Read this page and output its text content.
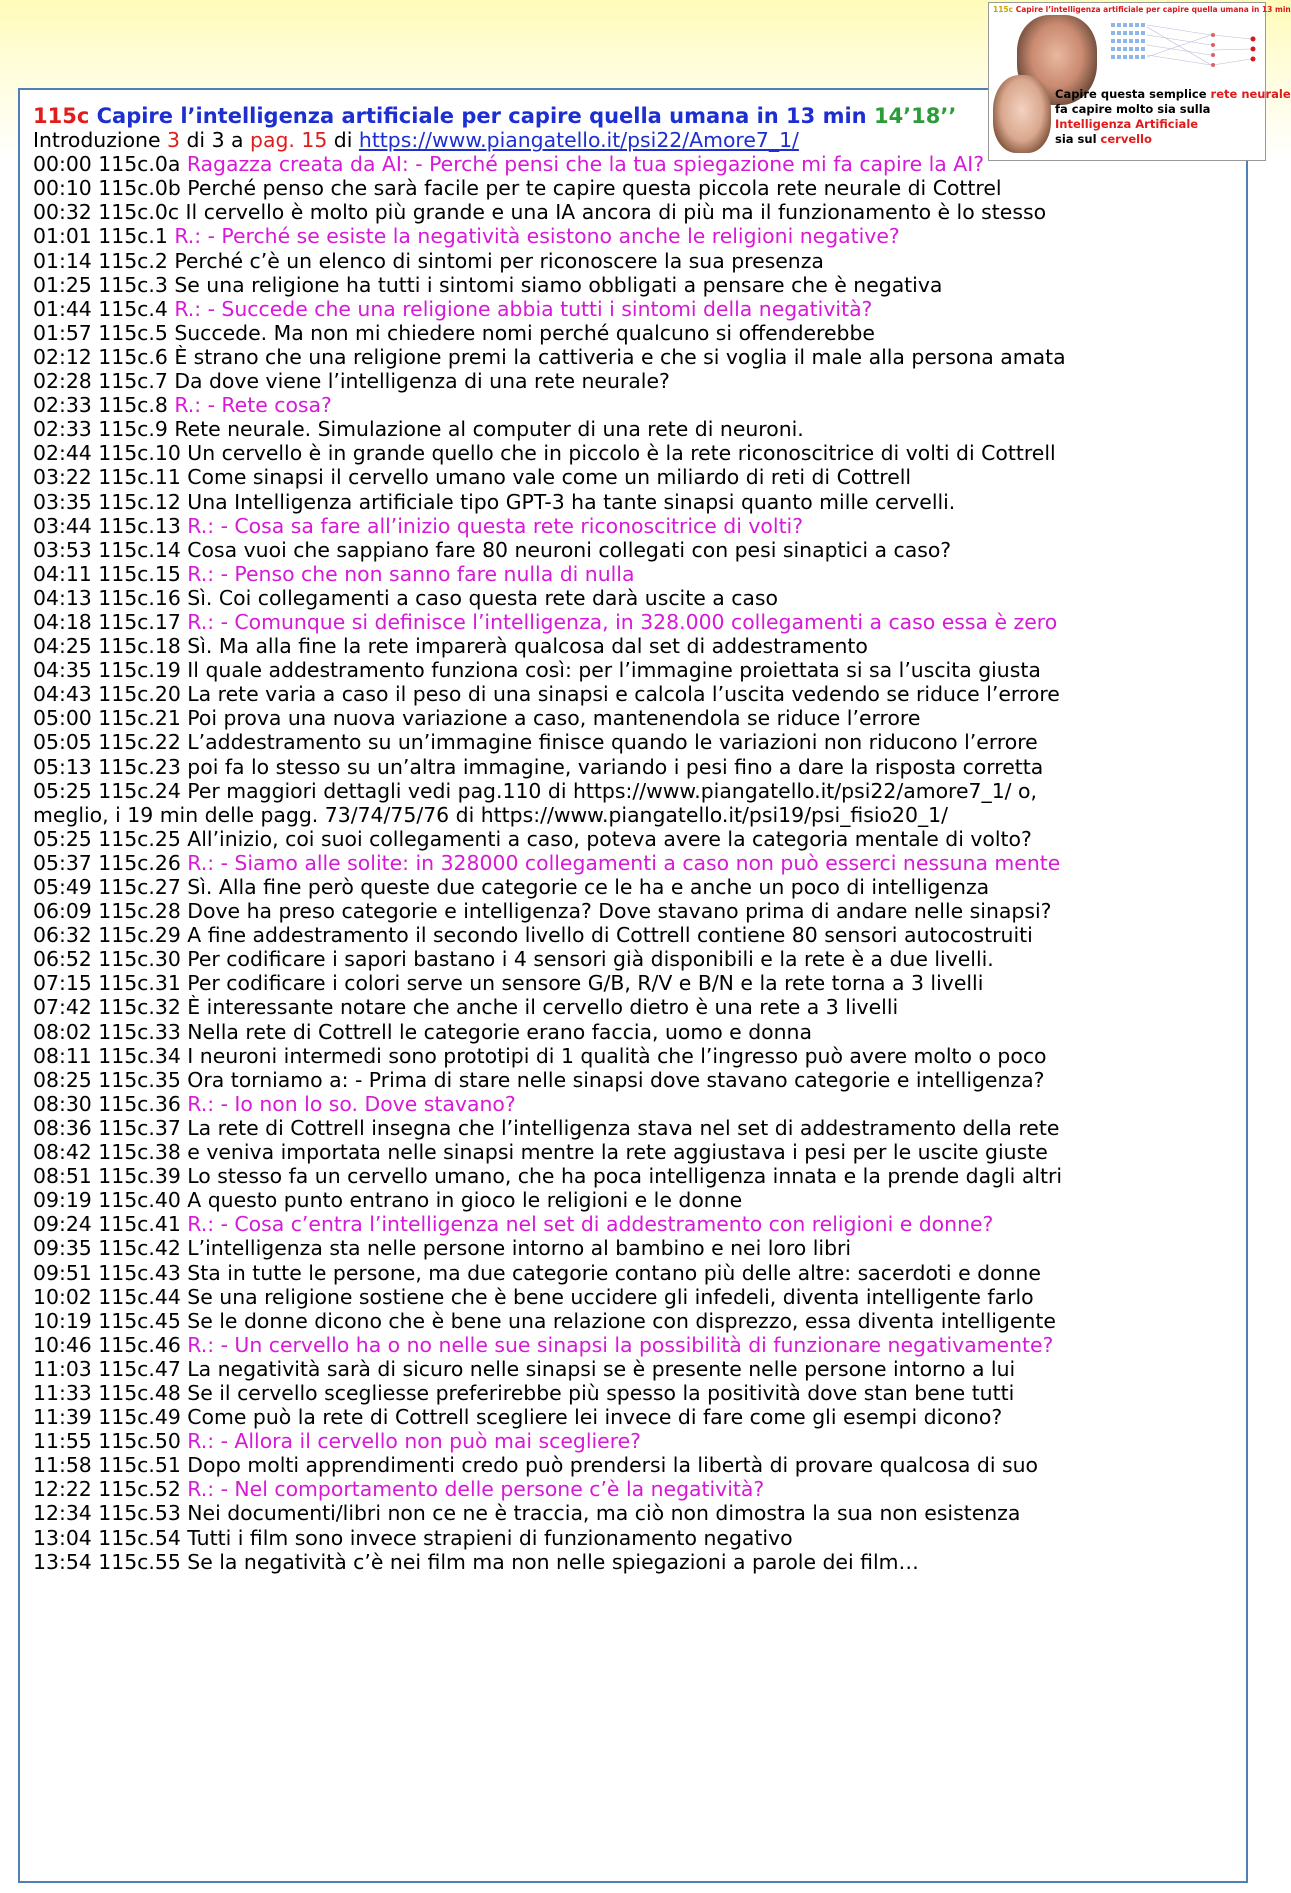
115c Capire l’intelligenza artificiale per capire quella umana in 13 min
Capire questa semplice rete neurale
fa capire molto sia sulla
Intelligenza Artificiale
sia sul cervello
115c Capire l’intelligenza artificiale per capire quella umana in 13 min 14’18’’
Introduzione 3 di 3 a pag. 15 di https://www.piangatello.it/psi22/Amore7_1/
00:00 115c.0a Ragazza creata da AI: - Perché pensi che la tua spiegazione mi fa capire la AI?
00:10 115c.0b Perché penso che sarà facile per te capire questa piccola rete neurale di Cottrel
00:32 115c.0c Il cervello è molto più grande e una IA ancora di più ma il funzionamento è lo stesso
01:01 115c.1 R.: - Perché se esiste la negatività esistono anche le religioni negative?
01:14 115c.2 Perché c’è un elenco di sintomi per riconoscere la sua presenza
01:25 115c.3 Se una religione ha tutti i sintomi siamo obbligati a pensare che è negativa
01:44 115c.4 R.: - Succede che una religione abbia tutti i sintomi della negatività?
01:57 115c.5 Succede. Ma non mi chiedere nomi perché qualcuno si offenderebbe
02:12 115c.6 È strano che una religione premi la cattiveria e che si voglia il male alla persona amata
02:28 115c.7 Da dove viene l’intelligenza di una rete neurale?
02:33 115c.8 R.: - Rete cosa?
02:33 115c.9 Rete neurale. Simulazione al computer di una rete di neuroni.
02:44 115c.10 Un cervello è in grande quello che in piccolo è la rete riconoscitrice di volti di Cottrell
03:22 115c.11 Come sinapsi il cervello umano vale come un miliardo di reti di Cottrell
03:35 115c.12 Una Intelligenza artificiale tipo GPT-3 ha tante sinapsi quanto mille cervelli.
03:44 115c.13 R.: - Cosa sa fare all’inizio questa rete riconoscitrice di volti?
03:53 115c.14 Cosa vuoi che sappiano fare 80 neuroni collegati con pesi sinaptici a caso?
04:11 115c.15 R.: - Penso che non sanno fare nulla di nulla
04:13 115c.16 Sì. Coi collegamenti a caso questa rete darà uscite a caso
04:18 115c.17 R.: - Comunque si definisce l’intelligenza, in 328.000 collegamenti a caso essa è zero
04:25 115c.18 Sì. Ma alla fine la rete imparerà qualcosa dal set di addestramento
04:35 115c.19 Il quale addestramento funziona così: per l’immagine proiettata si sa l’uscita giusta
04:43 115c.20 La rete varia a caso il peso di una sinapsi e calcola l’uscita vedendo se riduce l’errore
05:00 115c.21 Poi prova una nuova variazione a caso, mantenendola se riduce l’errore
05:05 115c.22 L’addestramento su un’immagine finisce quando le variazioni non riducono l’errore
05:13 115c.23 poi fa lo stesso su un’altra immagine, variando i pesi fino a dare la risposta corretta
05:25 115c.24 Per maggiori dettagli vedi pag.110 di https://www.piangatello.it/psi22/amore7_1/ o,
meglio, i 19 min delle pagg. 73/74/75/76 di https://www.piangatello.it/psi19/psi_fisio20_1/
05:25 115c.25 All’inizio, coi suoi collegamenti a caso, poteva avere la categoria mentale di volto?
05:37 115c.26 R.: - Siamo alle solite: in 328000 collegamenti a caso non può esserci nessuna mente
05:49 115c.27 Sì. Alla fine però queste due categorie ce le ha e anche un poco di intelligenza
06:09 115c.28 Dove ha preso categorie e intelligenza? Dove stavano prima di andare nelle sinapsi?
06:32 115c.29 A fine addestramento il secondo livello di Cottrell contiene 80 sensori autocostruiti
06:52 115c.30 Per codificare i sapori bastano i 4 sensori già disponibili e la rete è a due livelli.
07:15 115c.31 Per codificare i colori serve un sensore G/B, R/V e B/N e la rete torna a 3 livelli
07:42 115c.32 È interessante notare che anche il cervello dietro è una rete a 3 livelli
08:02 115c.33 Nella rete di Cottrell le categorie erano faccia, uomo e donna
08:11 115c.34 I neuroni intermedi sono prototipi di 1 qualità che l’ingresso può avere molto o poco
08:25 115c.35 Ora torniamo a: - Prima di stare nelle sinapsi dove stavano categorie e intelligenza?
08:30 115c.36 R.: - Io non lo so. Dove stavano?
08:36 115c.37 La rete di Cottrell insegna che l’intelligenza stava nel set di addestramento della rete
08:42 115c.38 e veniva importata nelle sinapsi mentre la rete aggiustava i pesi per le uscite giuste
08:51 115c.39 Lo stesso fa un cervello umano, che ha poca intelligenza innata e la prende dagli altri
09:19 115c.40 A questo punto entrano in gioco le religioni e le donne
09:24 115c.41 R.: - Cosa c’entra l’intelligenza nel set di addestramento con religioni e donne?
09:35 115c.42 L’intelligenza sta nelle persone intorno al bambino e nei loro libri
09:51 115c.43 Sta in tutte le persone, ma due categorie contano più delle altre: sacerdoti e donne
10:02 115c.44 Se una religione sostiene che è bene uccidere gli infedeli, diventa intelligente farlo
10:19 115c.45 Se le donne dicono che è bene una relazione con disprezzo, essa diventa intelligente
10:46 115c.46 R.: - Un cervello ha o no nelle sue sinapsi la possibilità di funzionare negativamente?
11:03 115c.47 La negatività sarà di sicuro nelle sinapsi se è presente nelle persone intorno a lui
11:33 115c.48 Se il cervello scegliesse preferirebbe più spesso la positività dove stan bene tutti
11:39 115c.49 Come può la rete di Cottrell scegliere lei invece di fare come gli esempi dicono?
11:55 115c.50 R.: - Allora il cervello non può mai scegliere?
11:58 115c.51 Dopo molti apprendimenti credo può prendersi la libertà di provare qualcosa di suo
12:22 115c.52 R.: - Nel comportamento delle persone c’è la negatività?
12:34 115c.53 Nei documenti/libri non ce ne è traccia, ma ciò non dimostra la sua non esistenza
13:04 115c.54 Tutti i film sono invece strapieni di funzionamento negativo
13:54 115c.55 Se la negatività c’è nei film ma non nelle spiegazioni a parole dei film…
